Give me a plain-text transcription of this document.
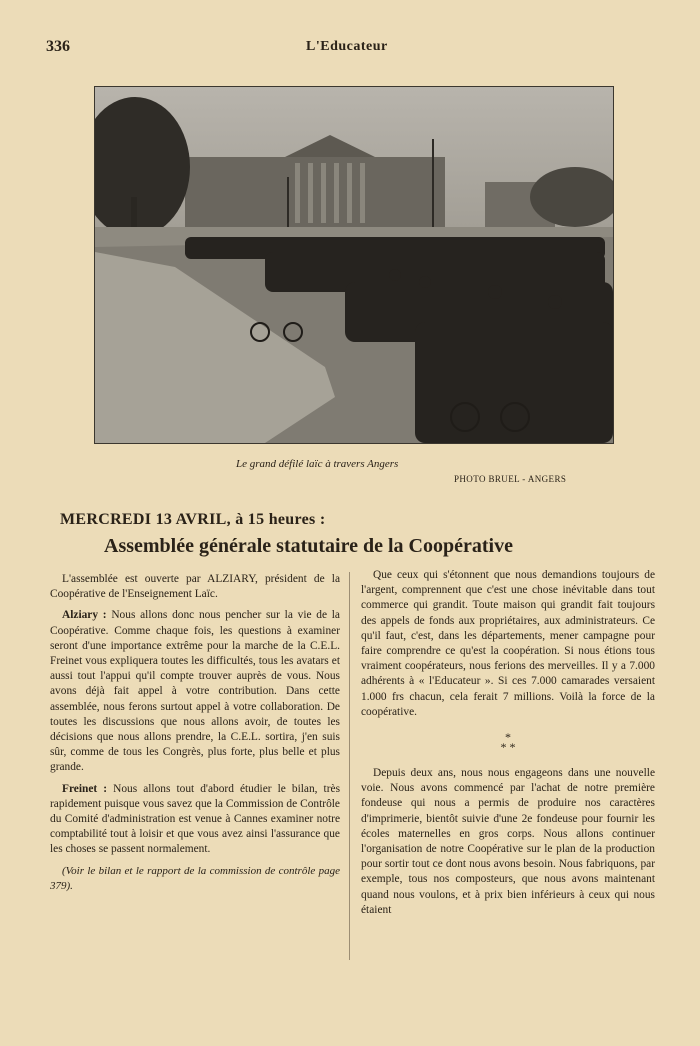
336	L'Educateur
Le grand défilé laïc à travers Angers
PHOTO BRUEL - ANGERS
MERCREDI 13 AVRIL, à 15 heures :
Assemblée générale statutaire de la Coopérative

L'assemblée est ouverte par ALZIARY, président de la Coopérative de l'Enseignement Laïc.

Alziary : Nous allons donc nous pencher sur la vie de la Coopérative. Comme chaque fois, les questions à examiner seront d'une importance extrême pour la marche de la C.E.L. Freinet vous expliquera toutes les difficultés, tous les avatars et aussi tout l'appui qu'il compte trouver auprès de vous. Nous avons déjà fait appel à votre contribution. Dans cette assemblée, nous ferons surtout appel à votre collaboration. De toutes les discussions que nous allons avoir, de toutes les décisions que nous allons prendre, la C.E.L. sortira, j'en suis sûr, comme de tous les Congrès, plus forte, plus belle et plus grande.

Freinet : Nous allons tout d'abord étudier le bilan, très rapidement puisque vous savez que la Commission de Contrôle du Comité d'administration est venue à Cannes examiner notre comptabilité tout à loisir et que vous avez ainsi l'assurance que les choses se passent normalement.

(Voir le bilan et le rapport de la commission de contrôle page 379).

Que ceux qui s'étonnent que nous demandions toujours de l'argent, comprennent que c'est une chose inévitable dans tout commerce qui grandit. Toute maison qui grandit fait toujours des appels de fonds aux propriétaires, aux administrateurs. Ce qu'il faut, c'est, dans les départements, mener campagne pour faire comprendre ce qu'est la coopération. Si nous étions tous vraiment coopérateurs, nous ferions des merveilles. Il y a 7.000 adhérents à « l'Educateur ». Si ces 7.000 camarades versaient 1.000 frs chacun, cela ferait 7 millions. Voilà la force de la coopérative.

*
* *

Depuis deux ans, nous nous engageons dans une nouvelle voie. Nous avons commencé par l'achat de notre première fondeuse qui nous a permis de produire nos caractères d'imprimerie, bientôt suivie d'une 2e fondeuse pour fournir les écoles maternelles en gros corps. Nous allons continuer l'organisation de notre Coopérative sur le plan de la production pour sortir tout ce dont nous avons besoin. Nous fabriquons, par exemple, tous nos composteurs, que nous avons maintenant quand nous voulons, et à prix bien inférieurs à ceux qui nous étaient
